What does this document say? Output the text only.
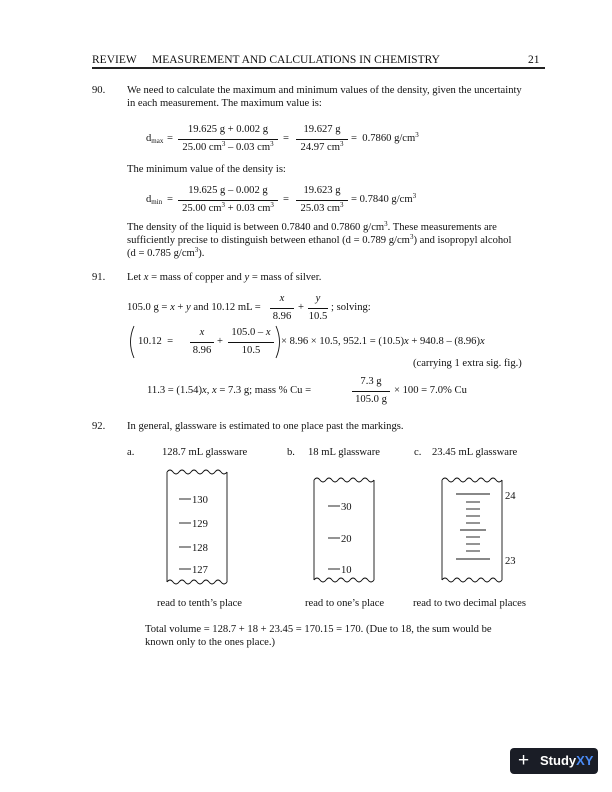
REVIEW MEASUREMENT AND CALCULATIONS IN CHEMISTRY	21
90. We need to calculate the maximum and minimum values of the density, given the uncertainty
in each measurement. The maximum value is:
$d_{max}$ =
19.625 g + 0.002 g
25.00 $cm^3 - 0.03$ $cm^3$ =
19.627 g
24.97 $cm^3 = 0.7860$ $g/cm^3$
The minimum value of the density is:
$d_{min}$ =
19.625 g – 0.002 g
25.00 $cm^3 + 0.03$ $cm^3$ =
19.623 g
25.03 $cm^3 = 0.7840$ $g/cm^3$
The density of the liquid is between 0.7840 and 0.7860 $g/cm^3$. These measurements are
sufficiently precise to distinguish between ethanol (d = 0.789 $g/cm^3$) and isopropyl alcohol
(d = 0.785 $g/cm^3$).
91. Let x = mass of copper and y = mass of silver.
105.0 g = x + y and 10.12 mL =
x
8.96
+
y
10.5
; solving:
10.12  =
x
8.96
+
105.0 – x
10.5
× 8.96 × 10.5, 952.1 = (10.5)x + 940.8 – (8.96)x
(carrying 1 extra sig. fig.)
11.3 = (1.54)x, x = 7.3 g; mass % Cu =
7.3 g
105.0 g
× 100 = 7.0% Cu
92. In general, glassware is estimated to one place past the markings.
a.	128.7 mL glassware	b. 18 mL glassware	c. 23.45 mL glassware
130
129
128
127
30
20
10
24
23
read to tenth’s place	read to one’s place	read to two decimal places
Total volume = 128.7 + 18 + 23.45 = 170.15 = 170. (Due to 18, the sum would be
known only to the ones place.)
+ StudyXY
